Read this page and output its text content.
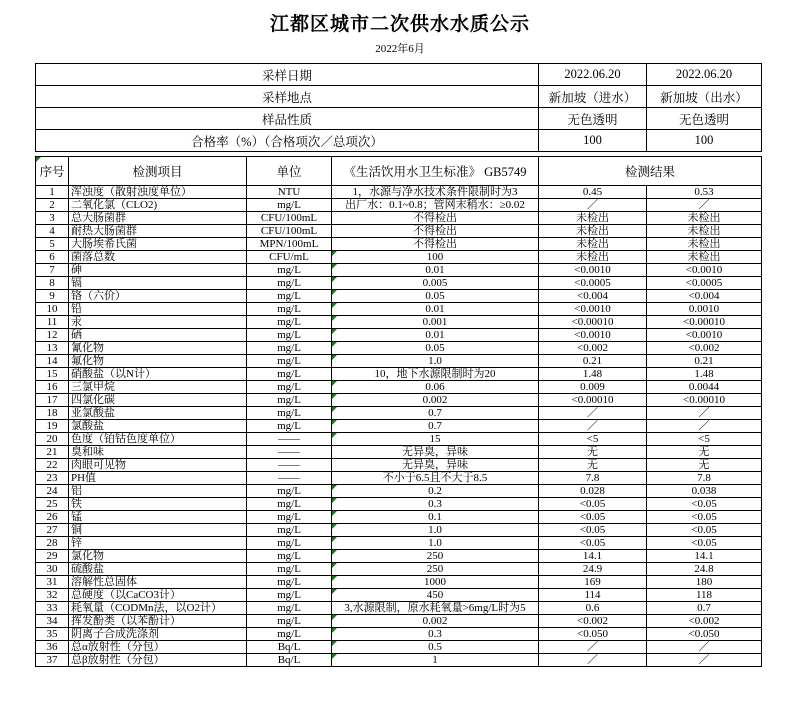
江都区城市二次供水水质公示
2022年6月
采样日期	2022.06.20	2022.06.20
采样地点	新加坡（进水）	新加坡（出水）
样品性质	无色透明	无色透明
合格率（%）（合格项次／总项次）	100	100
序号	检测项目	单位	《生活饮用水卫生标准》 GB5749	检测结果	
1	浑浊度（散射浊度单位）	NTU	1，水源与净水技术条件限制时为3	0.45	0.53
2	二氧化氯（CLO2)	mg/L	出厂水：0.1~0.8；管网末稍水：≥0.02	／	／
3	总大肠菌群	CFU/100mL	不得检出	未检出	未检出
4	耐热大肠菌群	CFU/100mL	不得检出	未检出	未检出
5	大肠埃希氏菌	MPN/100mL	不得检出	未检出	未检出
6	菌落总数	CFU/mL	100	未检出	未检出
7	砷	mg/L	0.01	<0.0010	<0.0010
8	镉	mg/L	0.005	<0.0005	<0.0005
9	铬（六价）	mg/L	0.05	<0.004	<0.004
10	铅	mg/L	0.01	<0.0010	0.0010
11	汞	mg/L	0.001	<0.00010	<0.00010
12	硒	mg/L	0.01	<0.0010	<0.0010
13	氰化物	mg/L	0.05	<0.002	<0.002
14	氟化物	mg/L	1.0	0.21	0.21
15	硝酸盐（以N计）	mg/L	10，地下水源限制时为20	1.48	1.48
16	三氯甲烷	mg/L	0.06	0.009	0.0044
17	四氯化碳	mg/L	0.002	<0.00010	<0.00010
18	亚氯酸盐	mg/L	0.7	／	／
19	氯酸盐	mg/L	0.7	／	／
20	色度（铂钴色度单位）	——	15	<5	<5
21	臭和味	——	无异臭，异味	无	无
22	肉眼可见物	——	无异臭，异味	无	无
23	PH值	——	不小于6.5且不大于8.5	7.8	7.8
24	铝	mg/L	0.2	0.028	0.038
25	铁	mg/L	0.3	<0.05	<0.05
26	锰	mg/L	0.1	<0.05	<0.05
27	铜	mg/L	1.0	<0.05	<0.05
28	锌	mg/L	1.0	<0.05	<0.05
29	氯化物	mg/L	250	14.1	14.1
30	硫酸盐	mg/L	250	24.9	24.8
31	溶解性总固体	mg/L	1000	169	180
32	总硬度（以CaCO3计）	mg/L	450	114	118
33	耗氧量（CODMn法，以O2计）	mg/L	3,水源限制，原水耗氧量>6mg/L时为5	0.6	0.7
34	挥发酚类（以苯酚计）	mg/L	0.002	<0.002	<0.002
35	阴离子合成洗涤剂	mg/L	0.3	<0.050	<0.050
36	总α放射性（分包）	Bq/L	0.5	／	／
37	总β放射性（分包）	Bq/L	1	／	／
